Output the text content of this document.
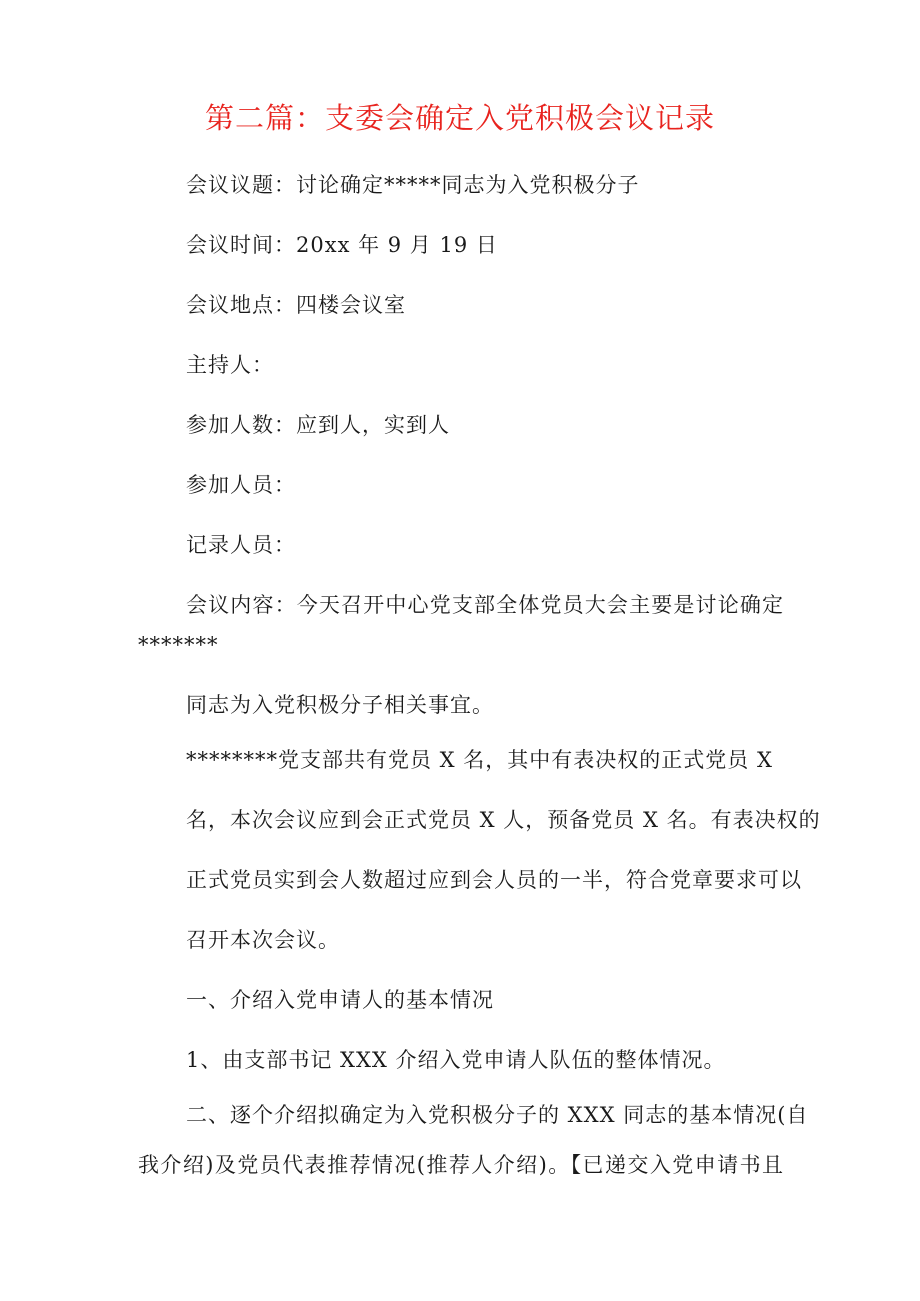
第二篇：支委会确定入党积极会议记录
会议议题：讨论确定*****同志为入党积极分子
会议时间：20xx 年 9 月 19 日
会议地点：四楼会议室
主持人：
参加人数：应到人，实到人
参加人员：
记录人员：
会议内容：今天召开中心党支部全体党员大会主要是讨论确定
*******
同志为入党积极分子相关事宜。
********党支部共有党员 X 名，其中有表决权的正式党员 X
名，本次会议应到会正式党员 X 人，预备党员 X 名。有表决权的
正式党员实到会人数超过应到会人员的一半，符合党章要求可以
召开本次会议。
一、介绍入党申请人的基本情况
1、由支部书记 XXX 介绍入党申请人队伍的整体情况。
二、逐个介绍拟确定为入党积极分子的 XXX 同志的基本情况(自
我介绍)及党员代表推荐情况(推荐人介绍)。【已递交入党申请书且
